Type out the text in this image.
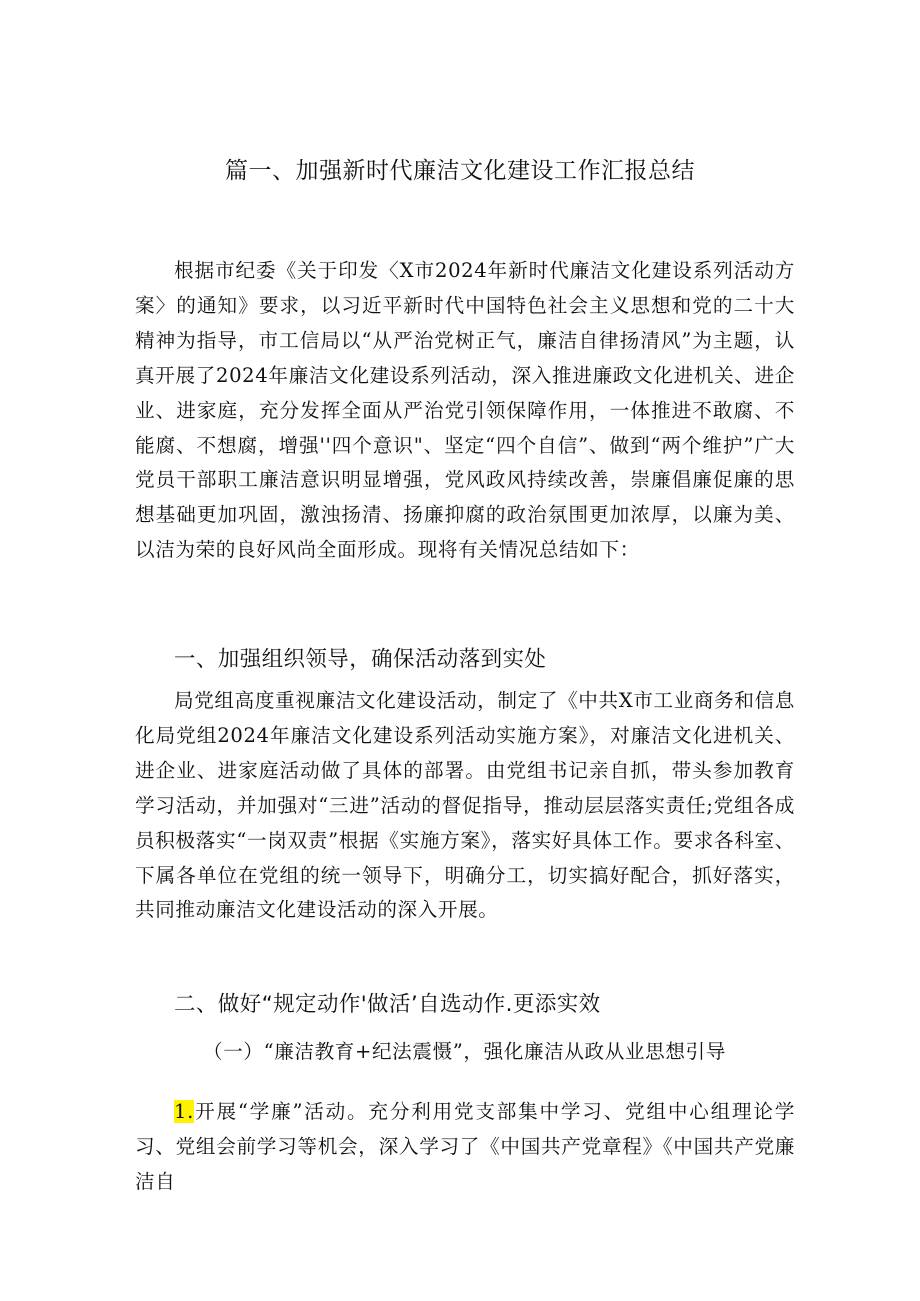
篇一、加强新时代廉洁文化建设工作汇报总结

根据市纪委《关于印发〈X市2024年新时代廉洁文化建设系列活动方案〉的通知》要求，以习近平新时代中国特色社会主义思想和党的二十大精神为指导，市工信局以“从严治党树正气，廉洁自律扬清风”为主题，认真开展了2024年廉洁文化建设系列活动，深入推进廉政文化进机关、进企业、进家庭，充分发挥全面从严治党引领保障作用，一体推进不敢腐、不能腐、不想腐，增强''四个意识"、坚定“四个自信”、做到“两个维护”广大党员干部职工廉洁意识明显增强，党风政风持续改善，崇廉倡廉促廉的思想基础更加巩固，激浊扬清、扬廉抑腐的政治氛围更加浓厚，以廉为美、以洁为荣的良好风尚全面形成。现将有关情况总结如下：

一、加强组织领导，确保活动落到实处

局党组高度重视廉洁文化建设活动，制定了《中共X市工业商务和信息化局党组2024年廉洁文化建设系列活动实施方案》，对廉洁文化进机关、进企业、进家庭活动做了具体的部署。由党组书记亲自抓，带头参加教育学习活动，并加强对“三进”活动的督促指导，推动层层落实责任;党组各成员积极落实“一岗双责”根据《实施方案》，落实好具体工作。要求各科室、下属各单位在党组的统一领导下，明确分工，切实搞好配合，抓好落实，共同推动廉洁文化建设活动的深入开展。

二、做好“规定动作'做活’自选动作.更添实效
（一）“廉洁教育+纪法震慑”，强化廉洁从政从业思想引导

1.开展“学廉”活动。充分利用党支部集中学习、党组中心组理论学习、党组会前学习等机会，深入学习了《中国共产党章程》《中国共产党廉洁自
